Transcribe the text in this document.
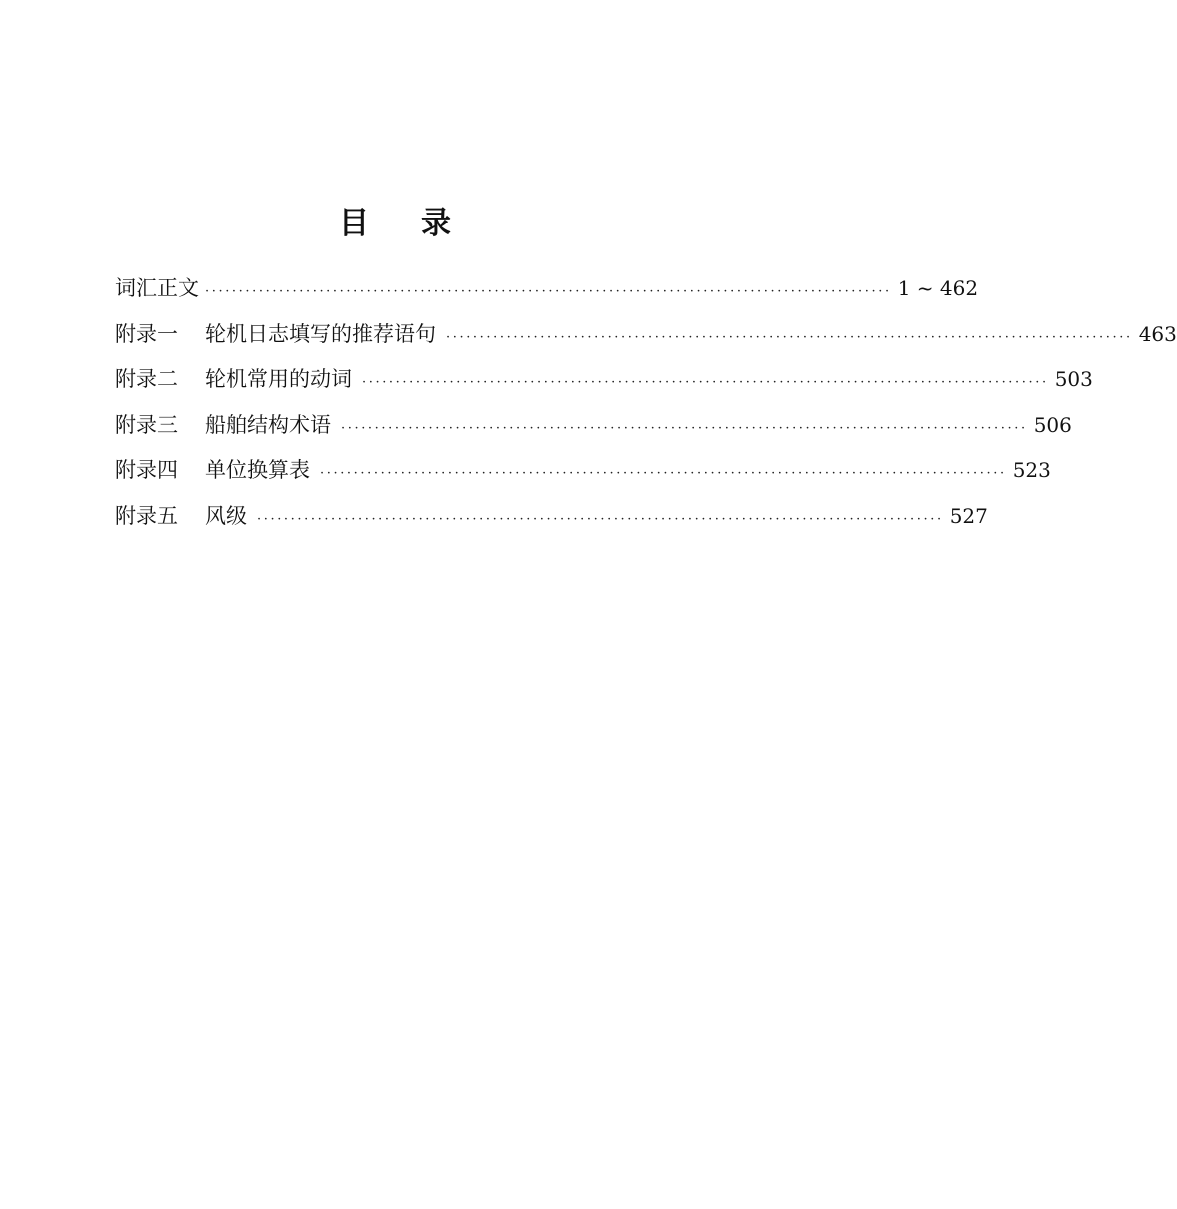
目 录
词汇正文 ······································································································ 1 ~ 462
附录一	轮机日志填写的推荐语句 ······································································································ 463
附录二	轮机常用的动词 ······································································································ 503
附录三	船舶结构术语 ······································································································ 506
附录四	单位换算表 ······································································································ 523
附录五	风级 ······································································································ 527
